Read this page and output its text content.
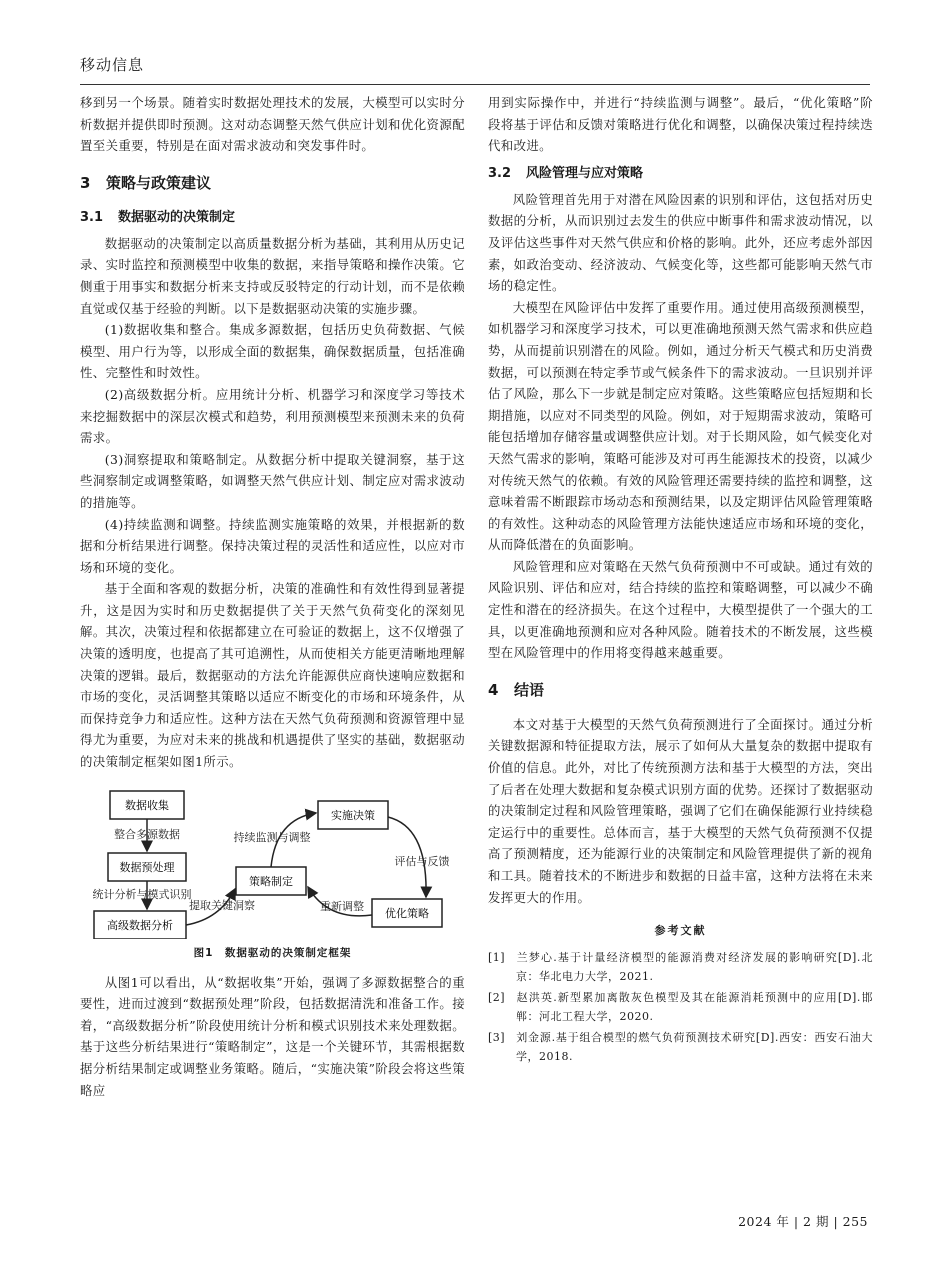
移动信息

移到另一个场景。随着实时数据处理技术的发展，大模型可以实时分析数据并提供即时预测。这对动态调整天然气供应计划和优化资源配置至关重要，特别是在面对需求波动和突发事件时。

3 策略与政策建议
3.1 数据驱动的决策制定

数据驱动的决策制定以高质量数据分析为基础，其利用从历史记录、实时监控和预测模型中收集的数据，来指导策略和操作决策。它侧重于用事实和数据分析来支持或反驳特定的行动计划，而不是依赖直觉或仅基于经验的判断。以下是数据驱动决策的实施步骤。

(1)数据收集和整合。集成多源数据，包括历史负荷数据、气候模型、用户行为等，以形成全面的数据集，确保数据质量，包括准确性、完整性和时效性。

(2)高级数据分析。应用统计分析、机器学习和深度学习等技术来挖掘数据中的深层次模式和趋势，利用预测模型来预测未来的负荷需求。

(3)洞察提取和策略制定。从数据分析中提取关键洞察，基于这些洞察制定或调整策略，如调整天然气供应计划、制定应对需求波动的措施等。

(4)持续监测和调整。持续监测实施策略的效果，并根据新的数据和分析结果进行调整。保持决策过程的灵活性和适应性，以应对市场和环境的变化。

基于全面和客观的数据分析，决策的准确性和有效性得到显著提升，这是因为实时和历史数据提供了关于天然气负荷变化的深刻见解。其次，决策过程和依据都建立在可验证的数据上，这不仅增强了决策的透明度，也提高了其可追溯性，从而使相关方能更清晰地理解决策的逻辑。最后，数据驱动的方法允许能源供应商快速响应数据和市场的变化，灵活调整其策略以适应不断变化的市场和环境条件，从而保持竞争力和适应性。这种方法在天然气负荷预测和资源管理中显得尤为重要，为应对未来的挑战和机遇提供了坚实的基础，数据驱动的决策制定框架如图1所示。

数据收集
数据预处理
高级数据分析
策略制定
实施决策
优化策略
整合多源数据
统计分析与模式识别
提取关键洞察
持续监测与调整
评估与反馈
重新调整
图1　数据驱动的决策制定框架

从图1可以看出，从“数据收集”开始，强调了多源数据整合的重要性，进而过渡到“数据预处理”阶段，包括数据清洗和准备工作。接着，“高级数据分析”阶段使用统计分析和模式识别技术来处理数据。基于这些分析结果进行“策略制定”，这是一个关键环节，其需根据数据分析结果制定或调整业务策略。随后，“实施决策”阶段会将这些策略应

用到实际操作中，并进行“持续监测与调整”。最后，“优化策略”阶段将基于评估和反馈对策略进行优化和调整，以确保决策过程持续迭代和改进。

3.2 风险管理与应对策略

风险管理首先用于对潜在风险因素的识别和评估，这包括对历史数据的分析，从而识别过去发生的供应中断事件和需求波动情况，以及评估这些事件对天然气供应和价格的影响。此外，还应考虑外部因素，如政治变动、经济波动、气候变化等，这些都可能影响天然气市场的稳定性。

大模型在风险评估中发挥了重要作用。通过使用高级预测模型，如机器学习和深度学习技术，可以更准确地预测天然气需求和供应趋势，从而提前识别潜在的风险。例如，通过分析天气模式和历史消费数据，可以预测在特定季节或气候条件下的需求波动。一旦识别并评估了风险，那么下一步就是制定应对策略。这些策略应包括短期和长期措施，以应对不同类型的风险。例如，对于短期需求波动，策略可能包括增加存储容量或调整供应计划。对于长期风险，如气候变化对天然气需求的影响，策略可能涉及对可再生能源技术的投资，以减少对传统天然气的依赖。有效的风险管理还需要持续的监控和调整，这意味着需不断跟踪市场动态和预测结果，以及定期评估风险管理策略的有效性。这种动态的风险管理方法能快速适应市场和环境的变化，从而降低潜在的负面影响。

风险管理和应对策略在天然气负荷预测中不可或缺。通过有效的风险识别、评估和应对，结合持续的监控和策略调整，可以减少不确定性和潜在的经济损失。在这个过程中，大模型提供了一个强大的工具，以更准确地预测和应对各种风险。随着技术的不断发展，这些模型在风险管理中的作用将变得越来越重要。

4 结语

本文对基于大模型的天然气负荷预测进行了全面探讨。通过分析关键数据源和特征提取方法，展示了如何从大量复杂的数据中提取有价值的信息。此外，对比了传统预测方法和基于大模型的方法，突出了后者在处理大数据和复杂模式识别方面的优势。还探讨了数据驱动的决策制定过程和风险管理策略，强调了它们在确保能源行业持续稳定运行中的重要性。总体而言，基于大模型的天然气负荷预测不仅提高了预测精度，还为能源行业的决策制定和风险管理提供了新的视角和工具。随着技术的不断进步和数据的日益丰富，这种方法将在未来发挥更大的作用。

参考文献
[1] 兰梦心.基于计量经济模型的能源消费对经济发展的影响研究[D].北京：华北电力大学，2021.
[2] 赵洪英.新型累加离散灰色模型及其在能源消耗预测中的应用[D].邯郸：河北工程大学，2020.
[3] 刘金源.基于组合模型的燃气负荷预测技术研究[D].西安：西安石油大学，2018.
2024 年 | 2 期 | 255
